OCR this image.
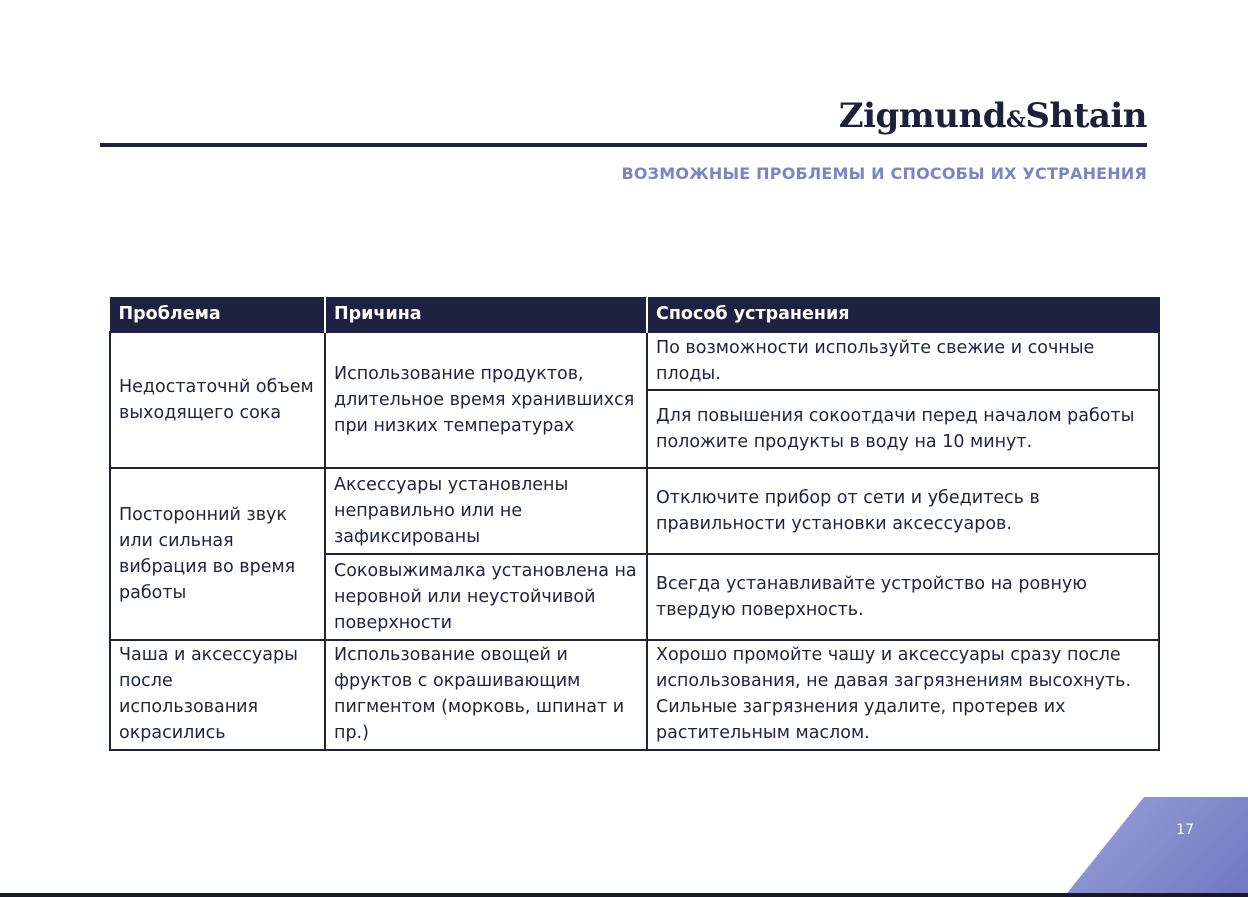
Zigmund&Shtain
ВОЗМОЖНЫЕ ПРОБЛЕМЫ И СПОСОБЫ ИХ УСТРАНЕНИЯ
Проблема	Причина	Способ устранения
Недостаточнй объем выходящего сока	Использование продуктов, длительное время хранившихся при низких температурах	По возможности используйте свежие и сочные плоды.
		Для повышения сокоотдачи перед началом работы положите продукты в воду на 10 минут.
Посторонний звук или сильная вибрация во время работы	Аксессуары установлены неправильно или не зафиксированы	Отключите прибор от сети и убедитесь в правильности установки аксессуаров.
	Соковыжималка установлена на неровной или неустойчивой поверхности	Всегда устанавливайте устройство на ровную твердую поверхность.
Чаша и аксессуары после использования окрасились	Использование овощей и фруктов с окрашивающим пигментом (морковь, шпинат и пр.)	Хорошо промойте чашу и аксессуары сразу после использования, не давая загрязнениям высохнуть. Сильные загрязнения удалите, протерев их растительным маслом.
17
